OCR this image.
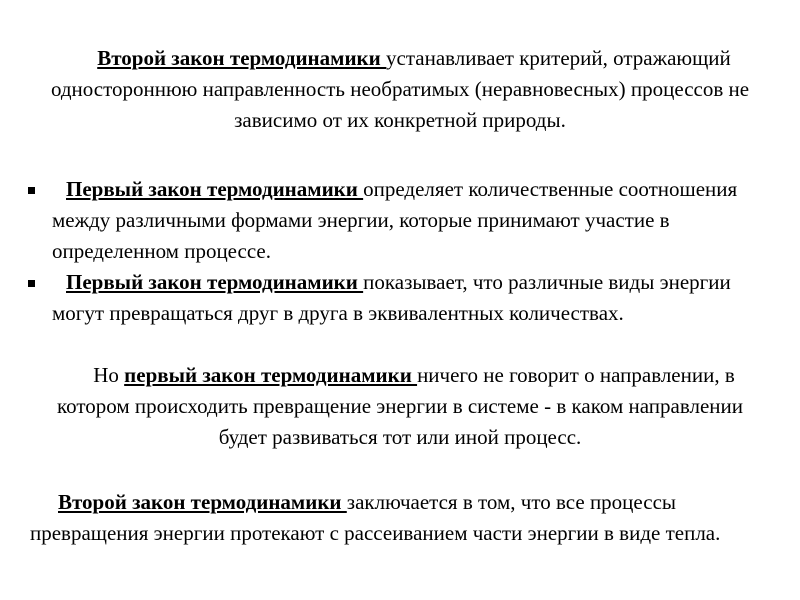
Второй закон термодинамики устанавливает критерий, отражающий одностороннюю направленность необратимых (неравновесных) процессов не зависимо от их конкретной природы.

Первый закон термодинамики определяет количественные соотношения между различными формами энергии, которые принимают участие в определенном процессе.

Первый закон термодинамики показывает, что различные виды энергии могут превращаться друг в друга в эквивалентных количествах.

Но первый закон термодинамики ничего не говорит о направлении, в котором происходить превращение энергии в системе - в каком направлении будет развиваться тот или иной процесс.

Второй закон термодинамики заключается в том, что все процессы превращения энергии протекают с рассеиванием части энергии в виде тепла.
